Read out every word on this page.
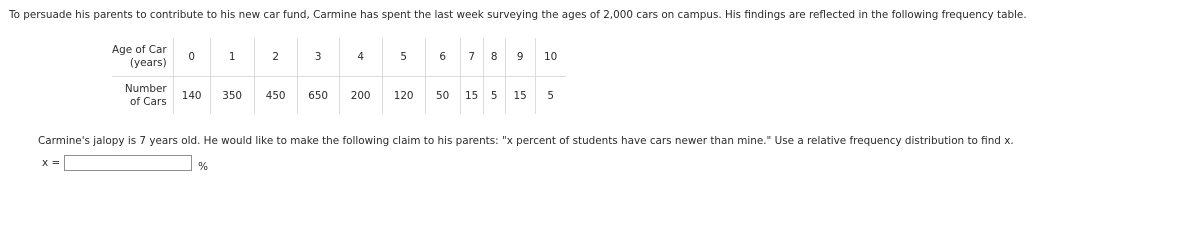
To persuade his parents to contribute to his new car fund, Carmine has spent the last week surveying the ages of 2,000 cars on campus. His findings are reflected in the following frequency table.
Age of Car
(years)	0	1	2	3	4	5	6	7	8	9	10

Number
of Cars	140	350	450	650	200	120	50	15	5	15	5
Carmine's jalopy is 7 years old. He would like to make the following claim to his parents: "x percent of students have cars newer than mine." Use a relative frequency distribution to find x.
x =	%
